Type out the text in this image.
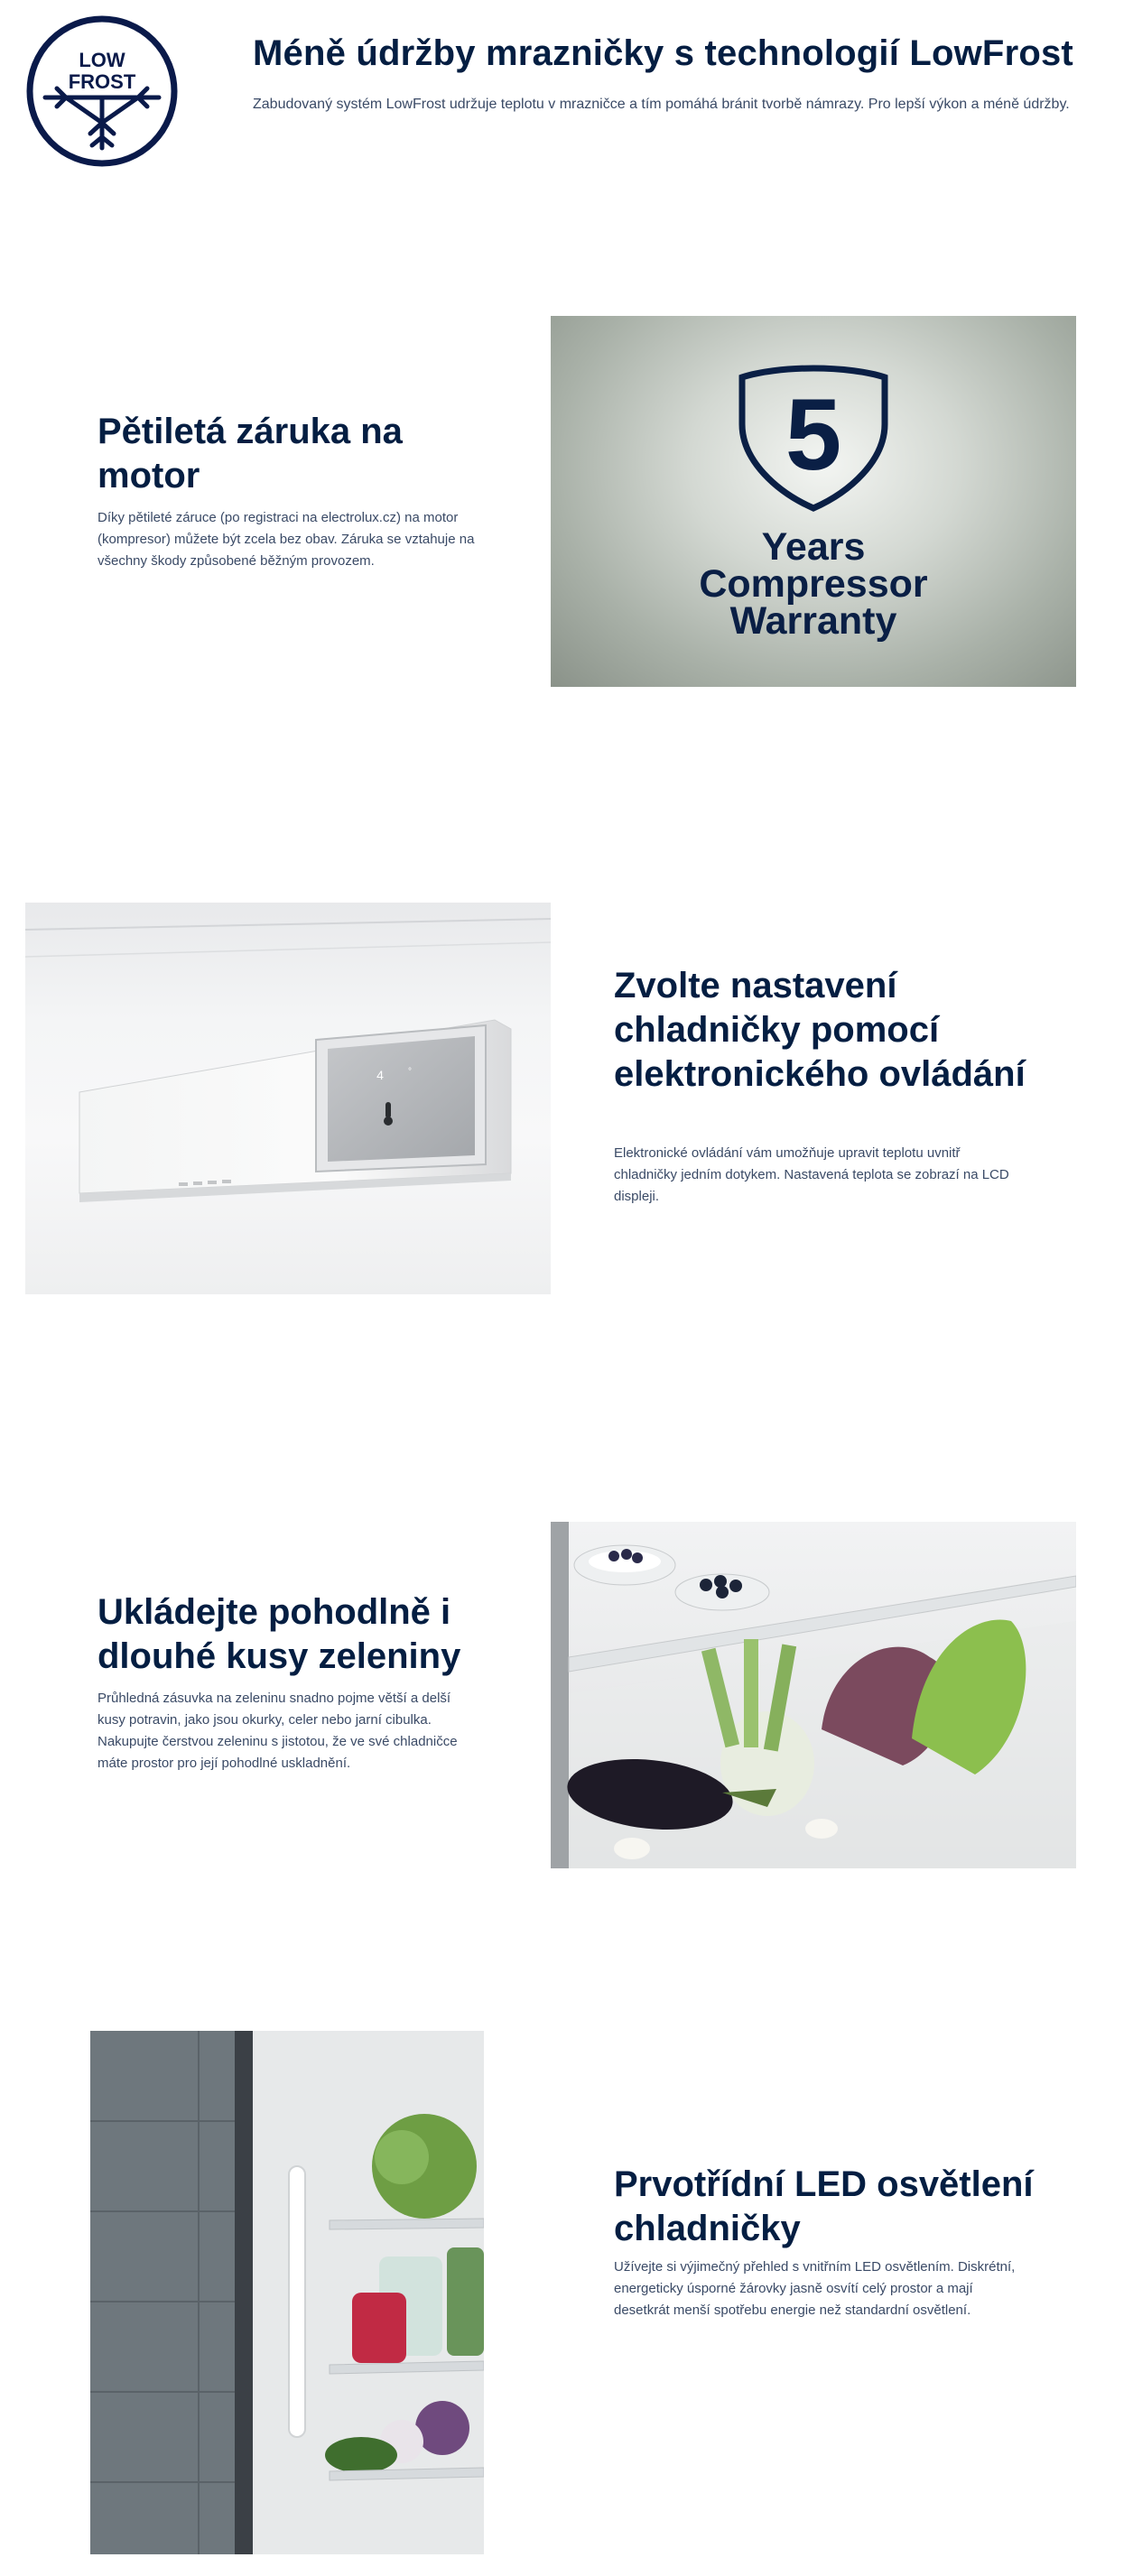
LOW
FROST
Méně údržby mrazničky s technologií LowFrost
Zabudovaný systém LowFrost udržuje teplotu v mrazničce a tím pomáhá bránit tvorbě námrazy. Pro lepší výkon a méně údržby.
Pětiletá záruka na motor
Díky pětileté záruce (po registraci na electrolux.cz) na motor (kompresor) můžete být zcela bez obav. Záruka se vztahuje na všechny škody způsobené běžným provozem.
5
Years
Compressor
Warranty
4	°
Zvolte nastavení chladničky pomocí elektronického ovládání
Elektronické ovládání vám umožňuje upravit teplotu uvnitř chladničky jedním dotykem. Nastavená teplota se zobrazí na LCD displeji.
Ukládejte pohodlně i dlouhé kusy zeleniny
Průhledná zásuvka na zeleninu snadno pojme větší a delší kusy potravin, jako jsou okurky, celer nebo jarní cibulka. Nakupujte čerstvou zeleninu s jistotou, že ve své chladničce máte prostor pro její pohodlné uskladnění.
Prvotřídní LED osvětlení chladničky
Užívejte si výjimečný přehled s vnitřním LED osvětlením. Diskrétní, energeticky úsporné žárovky jasně osvítí celý prostor a mají desetkrát menší spotřebu energie než standardní osvětlení.
